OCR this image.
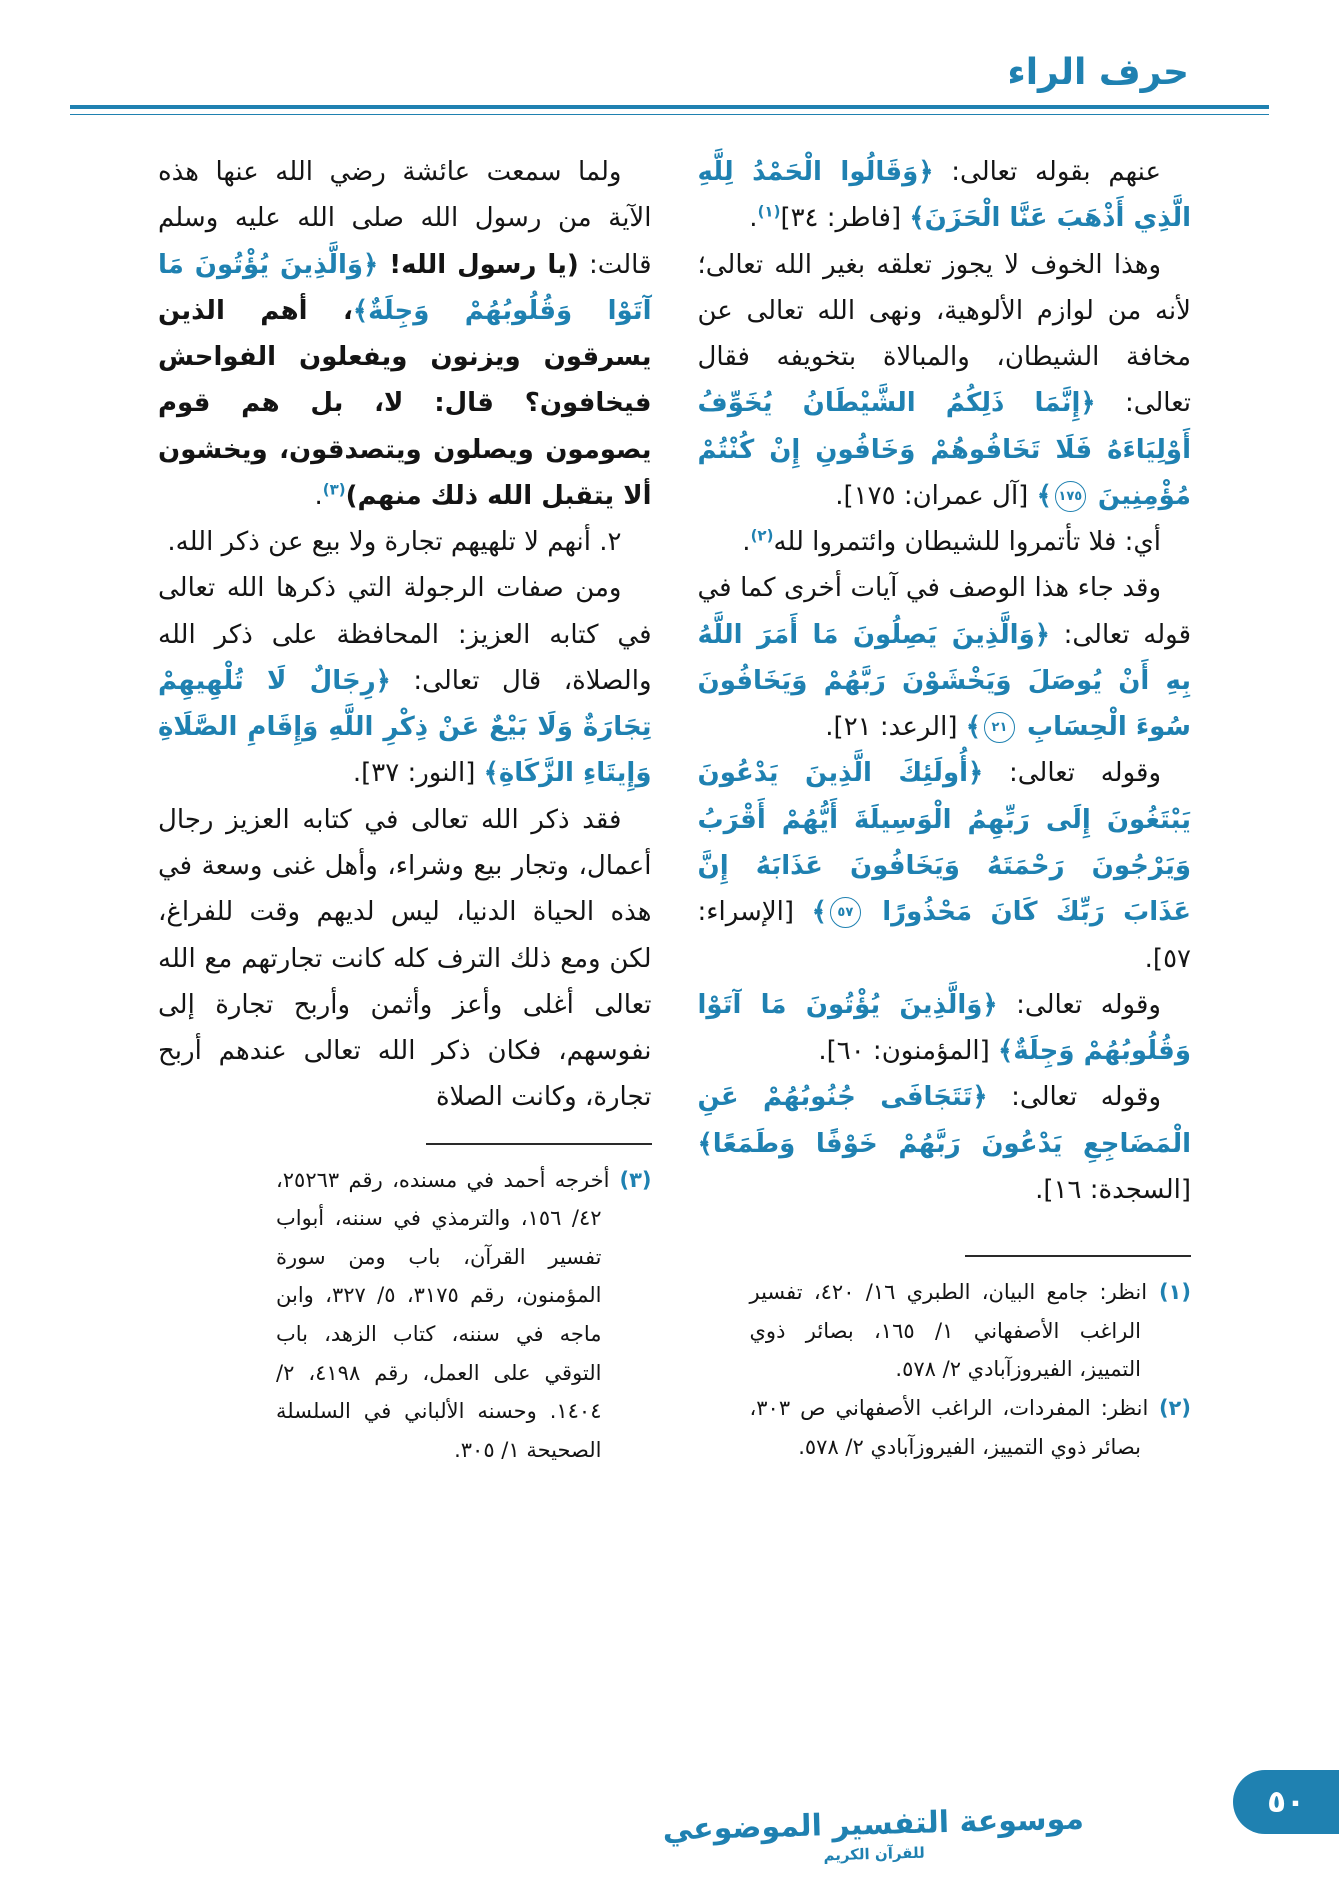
حرف الراء

عنهم بقوله تعالى: ﴿وَقَالُوا الْحَمْدُ لِلَّهِ الَّذِي أَذْهَبَ عَنَّا الْحَزَنَ﴾ [فاطر: ٣٤]$^{(١)}$.

وهذا الخوف لا يجوز تعلقه بغير الله تعالى؛ لأنه من لوازم الألوهية، ونهى الله تعالى عن مخافة الشيطان، والمبالاة بتخويفه فقال تعالى: ﴿إِنَّمَا ذَلِكُمُ الشَّيْطَانُ يُخَوِّفُ أَوْلِيَاءَهُ فَلَا تَخَافُوهُمْ وَخَافُونِ إِنْ كُنْتُمْ مُؤْمِنِينَ ١٧٥﴾ [آل عمران: ١٧٥].

أي: فلا تأتمروا للشيطان وائتمروا لله$^{(٢)}$.

وقد جاء هذا الوصف في آيات أخرى كما في قوله تعالى: ﴿وَالَّذِينَ يَصِلُونَ مَا أَمَرَ اللَّهُ بِهِ أَنْ يُوصَلَ وَيَخْشَوْنَ رَبَّهُمْ وَيَخَافُونَ سُوءَ الْحِسَابِ ٢١﴾ [الرعد: ٢١].

وقوله تعالى: ﴿أُولَئِكَ الَّذِينَ يَدْعُونَ يَبْتَغُونَ إِلَى رَبِّهِمُ الْوَسِيلَةَ أَيُّهُمْ أَقْرَبُ وَيَرْجُونَ رَحْمَتَهُ وَيَخَافُونَ عَذَابَهُ إِنَّ عَذَابَ رَبِّكَ كَانَ مَحْذُورًا ٥٧﴾ [الإسراء: ٥٧].

وقوله تعالى: ﴿وَالَّذِينَ يُؤْتُونَ مَا آتَوْا وَقُلُوبُهُمْ وَجِلَةٌ﴾ [المؤمنون: ٦٠].

وقوله تعالى: ﴿تَتَجَافَى جُنُوبُهُمْ عَنِ الْمَضَاجِعِ يَدْعُونَ رَبَّهُمْ خَوْفًا وَطَمَعًا﴾ [السجدة: ١٦].

(١) انظر: جامع البيان، الطبري ١٦/ ٤٢٠، تفسير الراغب الأصفهاني ١/ ١٦٥، بصائر ذوي التمييز، الفيروزآبادي ٢/ ٥٧٨.

(٢) انظر: المفردات، الراغب الأصفهاني ص ٣٠٣، بصائر ذوي التمييز، الفيروزآبادي ٢/ ٥٧٨.

ولما سمعت عائشة رضي الله عنها هذه الآية من رسول الله صلى الله عليه وسلم قالت: (يا رسول الله! ﴿وَالَّذِينَ يُؤْتُونَ مَا آتَوْا وَقُلُوبُهُمْ وَجِلَةٌ﴾، أهم الذين يسرقون ويزنون ويفعلون الفواحش فيخافون؟ قال: لا، بل هم قوم يصومون ويصلون ويتصدقون، ويخشون ألا يتقبل الله ذلك منهم)$^{(٣)}$.

٢. أنهم لا تلهيهم تجارة ولا بيع عن ذكر الله.

ومن صفات الرجولة التي ذكرها الله تعالى في كتابه العزيز: المحافظة على ذكر الله والصلاة، قال تعالى: ﴿رِجَالٌ لَا تُلْهِيهِمْ تِجَارَةٌ وَلَا بَيْعٌ عَنْ ذِكْرِ اللَّهِ وَإِقَامِ الصَّلَاةِ وَإِيتَاءِ الزَّكَاةِ﴾ [النور: ٣٧].

فقد ذكر الله تعالى في كتابه العزيز رجال أعمال، وتجار بيع وشراء، وأهل غنى وسعة في هذه الحياة الدنيا، ليس لديهم وقت للفراغ، لكن ومع ذلك الترف كله كانت تجارتهم مع الله تعالى أغلى وأعز وأثمن وأربح تجارة إلى نفوسهم، فكان ذكر الله تعالى عندهم أربح تجارة، وكانت الصلاة

(٣) أخرجه أحمد في مسنده، رقم ٢٥٢٦٣، ٤٢/ ١٥٦، والترمذي في سننه، أبواب تفسير القرآن، باب ومن سورة المؤمنون، رقم ٣١٧٥، ٥/ ٣٢٧، وابن ماجه في سننه، كتاب الزهد، باب التوقي على العمل، رقم ٤١٩٨، ٢/ ١٤٠٤. وحسنه الألباني في السلسلة الصحيحة ١/ ٣٠٥.

موسوعة التفسير الموضوعي
للقرآن الكريم
٥٠
